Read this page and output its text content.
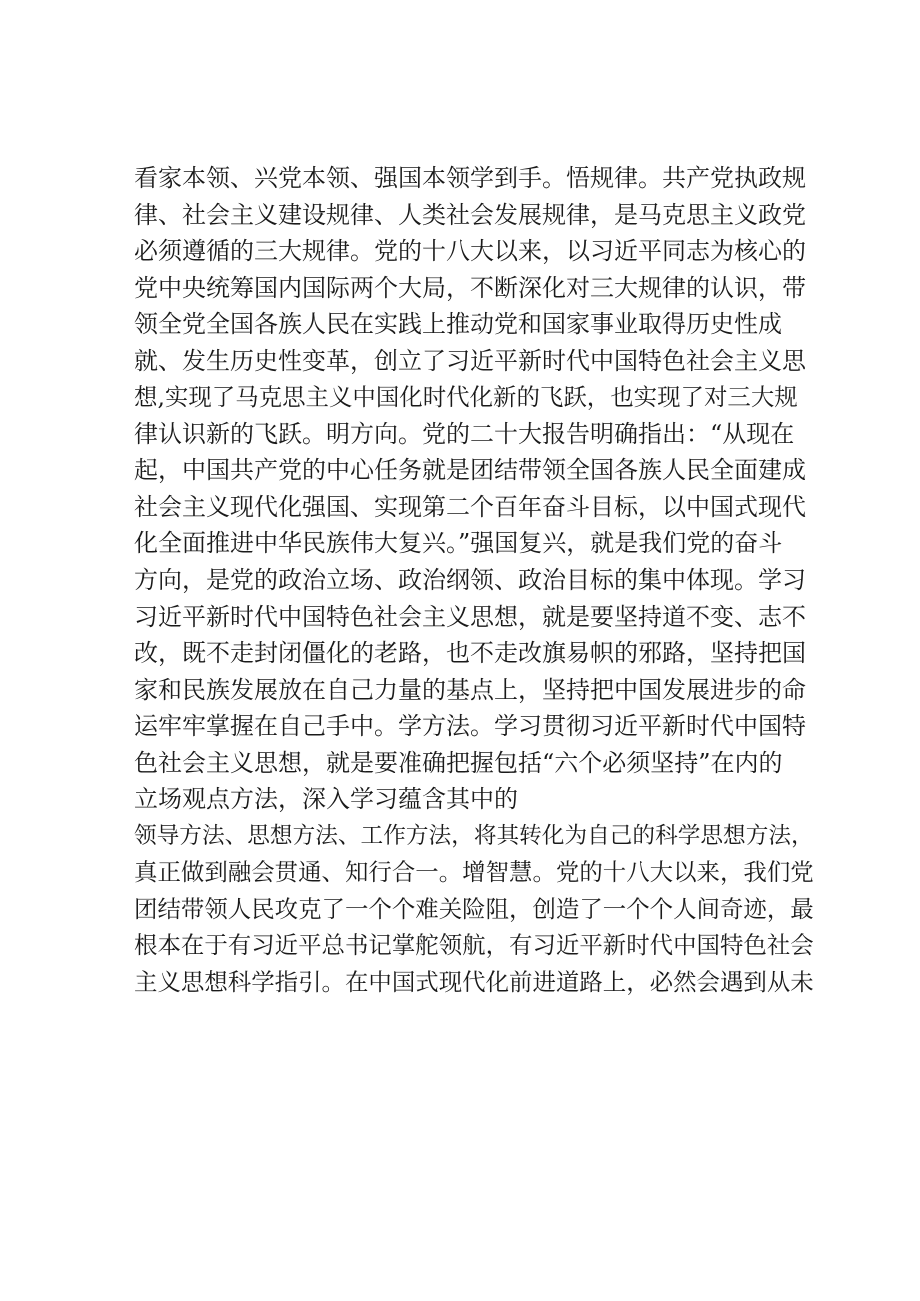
看家本领、兴党本领、强国本领学到手。悟规律。共产党执政规
律、社会主义建设规律、人类社会发展规律，是马克思主义政党
必须遵循的三大规律。党的十八大以来，以习近平同志为核心的
党中央统筹国内国际两个大局，不断深化对三大规律的认识，带
领全党全国各族人民在实践上推动党和国家事业取得历史性成
就、发生历史性变革，创立了习近平新时代中国特色社会主义思
想,实现了马克思主义中国化时代化新的飞跃，也实现了对三大规
律认识新的飞跃。明方向。党的二十大报告明确指出：“从现在
起，中国共产党的中心任务就是团结带领全国各族人民全面建成
社会主义现代化强国、实现第二个百年奋斗目标，以中国式现代
化全面推进中华民族伟大复兴。”强国复兴，就是我们党的奋斗
方向，是党的政治立场、政治纲领、政治目标的集中体现。学习
习近平新时代中国特色社会主义思想，就是要坚持道不变、志不
改，既不走封闭僵化的老路，也不走改旗易帜的邪路，坚持把国
家和民族发展放在自己力量的基点上，坚持把中国发展进步的命
运牢牢掌握在自己手中。学方法。学习贯彻习近平新时代中国特
色社会主义思想，就是要准确把握包括“六个必须坚持”在内的
立场观点方法，深入学习蕴含其中的
领导方法、思想方法、工作方法，将其转化为自己的科学思想方法，
真正做到融会贯通、知行合一。增智慧。党的十八大以来，我们党
团结带领人民攻克了一个个难关险阻，创造了一个个人间奇迹，最
根本在于有习近平总书记掌舵领航，有习近平新时代中国特色社会
主义思想科学指引。在中国式现代化前进道路上，必然会遇到从未
